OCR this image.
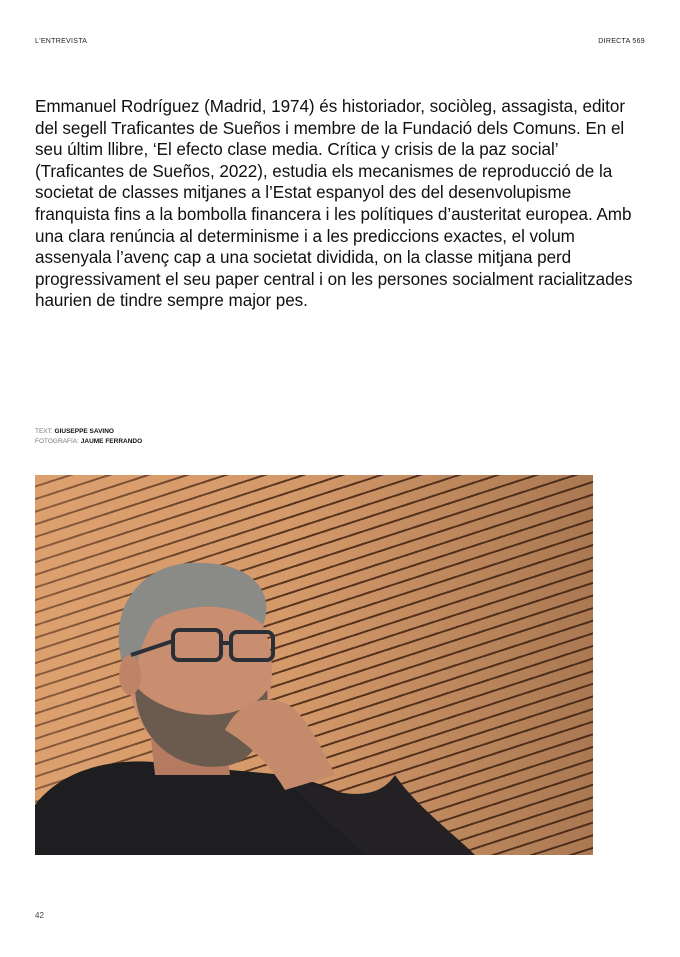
L'ENTREVISTA	DIRECTA 569

Emmanuel Rodríguez (Madrid, 1974) és historiador, sociòleg, assagista, editor del segell Traficantes de Sueños i membre de la Fundació dels Comuns. En el seu últim llibre, ‘El efecto clase media. Crítica y crisis de la paz social’ (Traficantes de Sueños, 2022), estudia els mecanismes de reproducció de la societat de classes mitjanes a l’Estat espanyol des del desenvolupisme franquista fins a la bombolla financera i les polítiques d’austeritat europea. Amb una clara renúncia al determinisme i a les prediccions exactes, el volum assenyala l’avenç cap a una societat dividida, on la classe mitjana perd progressivament el seu paper central i on les persones socialment racialitzades haurien de tindre sempre major pes.

TEXT: GIUSEPPE SAVINO
FOTOGRAFIA: JAUME FERRANDO
42
